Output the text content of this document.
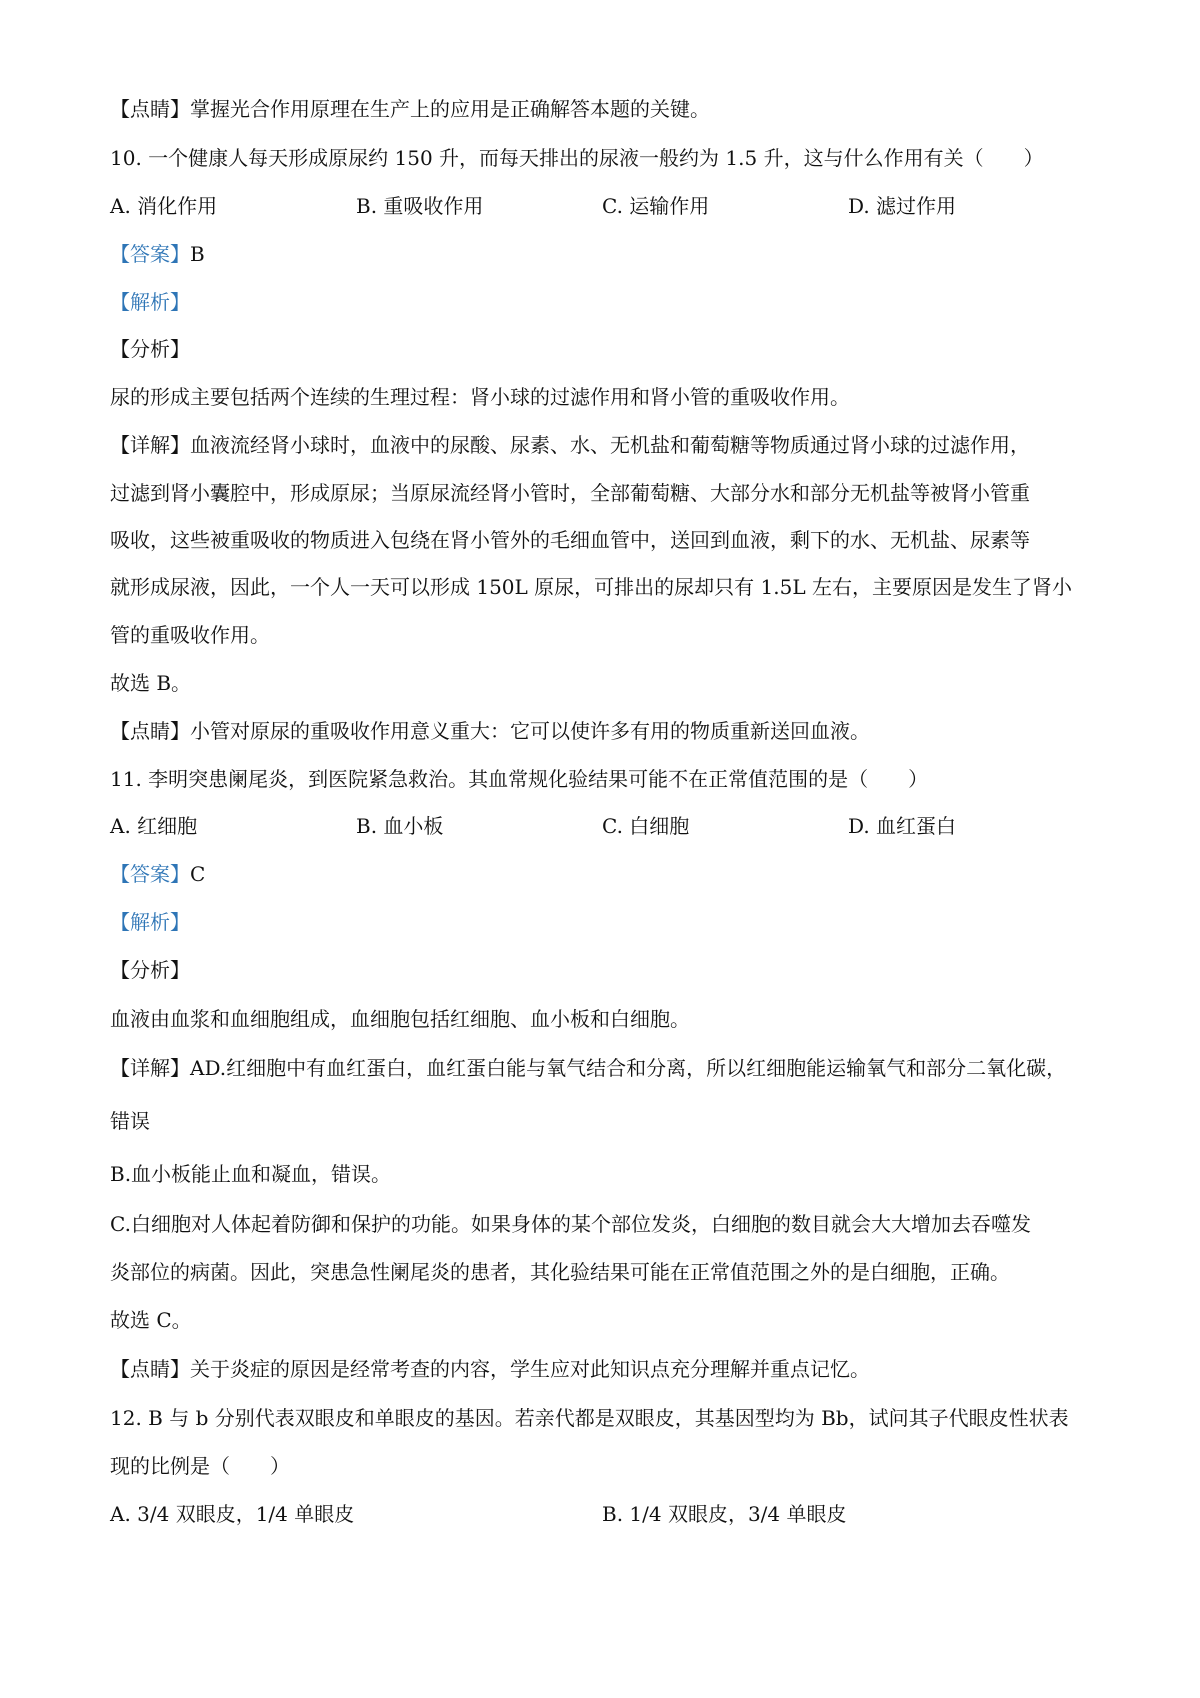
【点睛】掌握光合作用原理在生产上的应用是正确解答本题的关键。
10. 一个健康人每天形成原尿约 150 升，而每天排出的尿液一般约为 1.5 升，这与什么作用有关（　　）
A. 消化作用	B. 重吸收作用	C. 运输作用	D. 滤过作用
【答案】B
【解析】
【分析】
尿的形成主要包括两个连续的生理过程：肾小球的过滤作用和肾小管的重吸收作用。
【详解】血液流经肾小球时，血液中的尿酸、尿素、水、无机盐和葡萄糖等物质通过肾小球的过滤作用，
过滤到肾小囊腔中，形成原尿；当原尿流经肾小管时，全部葡萄糖、大部分水和部分无机盐等被肾小管重
吸收，这些被重吸收的物质进入包绕在肾小管外的毛细血管中，送回到血液，剩下的水、无机盐、尿素等
就形成尿液，因此，一个人一天可以形成 150L 原尿，可排出的尿却只有 1.5L 左右，主要原因是发生了肾小
管的重吸收作用。
故选 B。
【点睛】小管对原尿的重吸收作用意义重大：它可以使许多有用的物质重新送回血液。
11. 李明突患阑尾炎，到医院紧急救治。其血常规化验结果可能不在正常值范围的是（　　）
A. 红细胞	B. 血小板	C. 白细胞	D. 血红蛋白
【答案】C
【解析】
【分析】
血液由血浆和血细胞组成，血细胞包括红细胞、血小板和白细胞。
【详解】AD.红细胞中有血红蛋白，血红蛋白能与氧气结合和分离，所以红细胞能运输氧气和部分二氧化碳，
错误
B.血小板能止血和凝血，错误。
C.白细胞对人体起着防御和保护的功能。如果身体的某个部位发炎，白细胞的数目就会大大增加去吞噬发
炎部位的病菌。因此，突患急性阑尾炎的患者，其化验结果可能在正常值范围之外的是白细胞，正确。
故选 C。
【点睛】关于炎症的原因是经常考查的内容，学生应对此知识点充分理解并重点记忆。
12. B 与 b 分别代表双眼皮和单眼皮的基因。若亲代都是双眼皮，其基因型均为 Bb，试问其子代眼皮性状表
现的比例是（　　）
A. 3/4 双眼皮，1/4 单眼皮	B. 1/4 双眼皮，3/4 单眼皮
